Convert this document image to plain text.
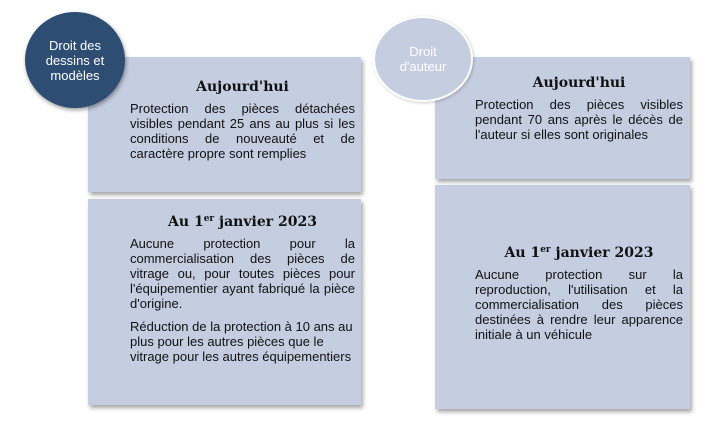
Droit des dessins et modèles
Aujourd'hui

Protection des pièces détachées visibles pendant 25 ans au plus si les conditions de nouveauté et de caractère propre sont remplies

Au 1er janvier 2023

Aucune protection pour la commercialisation des pièces de vitrage ou, pour toutes pièces pour l'équipementier ayant fabriqué la pièce d'origine.

Réduction de la protection à 10 ans au plus pour les autres pièces que le vitrage pour les autres équipementiers

Droit d'auteur
Aujourd'hui

Protection des pièces visibles pendant 70 ans après le décès de l'auteur si elles sont originales

Au 1er janvier 2023

Aucune protection sur la reproduction, l'utilisation et la commercialisation des pièces destinées à rendre leur apparence initiale à un véhicule
